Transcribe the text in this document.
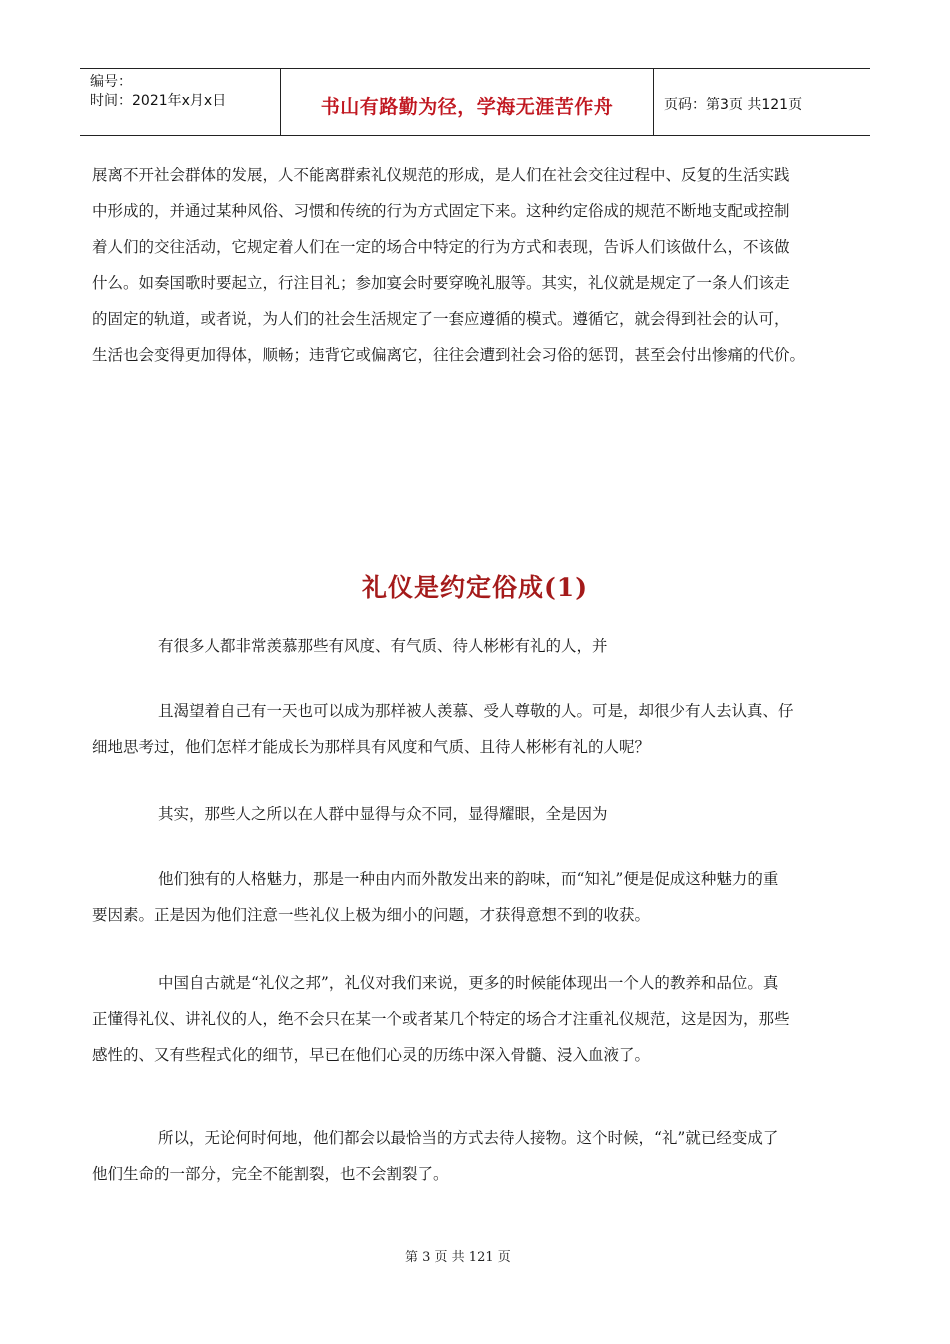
编号：
时间：2021年x月x日	书山有路勤为径，学海无涯苦作舟	页码：第3页 共121页

展离不开社会群体的发展，人不能离群索礼仪规范的形成，是人们在社会交往过程中、反复的生活实践
中形成的，并通过某种风俗、习惯和传统的行为方式固定下来。这种约定俗成的规范不断地支配或控制
着人们的交往活动，它规定着人们在一定的场合中特定的行为方式和表现，告诉人们该做什么，不该做
什么。如奏国歌时要起立，行注目礼；参加宴会时要穿晚礼服等。其实，礼仪就是规定了一条人们该走
的固定的轨道，或者说，为人们的社会生活规定了一套应遵循的模式。遵循它，就会得到社会的认可，
生活也会变得更加得体，顺畅；违背它或偏离它，往往会遭到社会习俗的惩罚，甚至会付出惨痛的代价。

礼仪是约定俗成(1)

有很多人都非常羡慕那些有风度、有气质、待人彬彬有礼的人，并

且渴望着自己有一天也可以成为那样被人羡慕、受人尊敬的人。可是，却很少有人去认真、仔
细地思考过，他们怎样才能成长为那样具有风度和气质、且待人彬彬有礼的人呢？

其实，那些人之所以在人群中显得与众不同，显得耀眼，全是因为

他们独有的人格魅力，那是一种由内而外散发出来的韵味，而“知礼”便是促成这种魅力的重
要因素。正是因为他们注意一些礼仪上极为细小的问题，才获得意想不到的收获。

中国自古就是“礼仪之邦”，礼仪对我们来说，更多的时候能体现出一个人的教养和品位。真
正懂得礼仪、讲礼仪的人，绝不会只在某一个或者某几个特定的场合才注重礼仪规范，这是因为，那些
感性的、又有些程式化的细节，早已在他们心灵的历练中深入骨髓、浸入血液了。

所以，无论何时何地，他们都会以最恰当的方式去待人接物。这个时候，“礼”就已经变成了
他们生命的一部分，完全不能割裂，也不会割裂了。

第 3 页 共 121 页
